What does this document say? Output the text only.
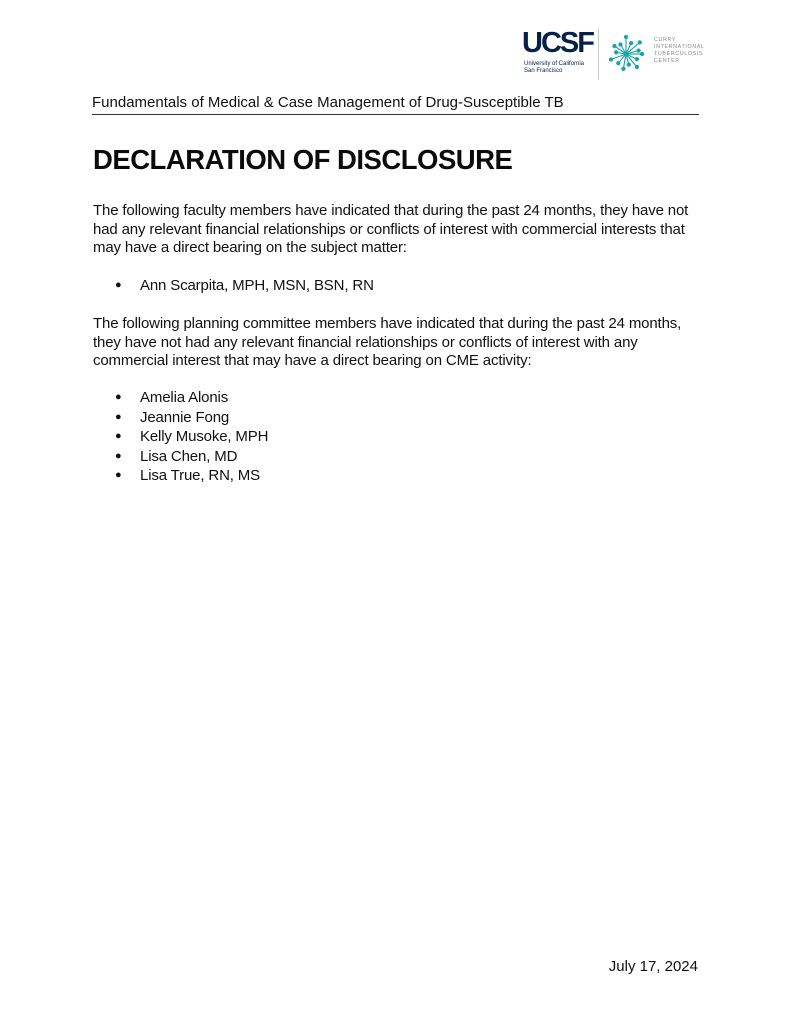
UCSF
University of California
San Francisco
CURRY
INTERNATIONAL
TUBERCULOSIS
CENTER
Fundamentals of Medical & Case Management of Drug-Susceptible TB
DECLARATION OF DISCLOSURE

The following faculty members have indicated that during the past 24 months, they have not had any relevant financial relationships or conflicts of interest with commercial interests that may have a direct bearing on the subject matter:

● Ann Scarpita, MPH, MSN, BSN, RN

The following planning committee members have indicated that during the past 24 months, they have not had any relevant financial relationships or conflicts of interest with any commercial interest that may have a direct bearing on CME activity:

● Amelia Alonis
● Jeannie Fong
● Kelly Musoke, MPH
● Lisa Chen, MD
● Lisa True, RN, MS
July 17, 2024
